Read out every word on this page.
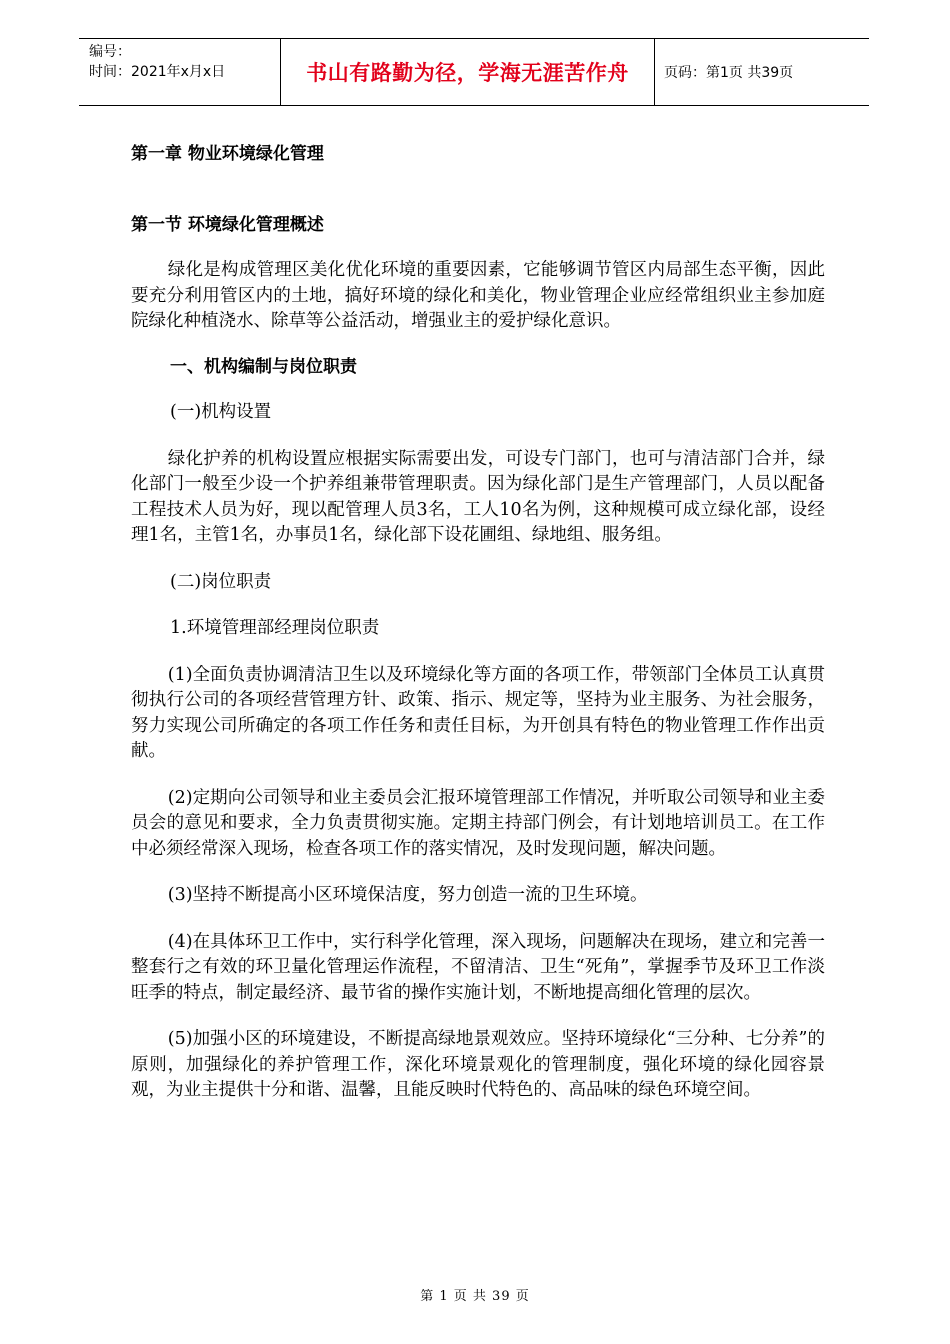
编号：
时间：2021年x月x日	书山有路勤为径，学海无涯苦作舟	页码：第1页 共39页

第一章 物业环境绿化管理

第一节 环境绿化管理概述

绿化是构成管理区美化优化环境的重要因素，它能够调节管区内局部生态平衡，因此要充分利用管区内的土地，搞好环境的绿化和美化，物业管理企业应经常组织业主参加庭院绿化种植浇水、除草等公益活动，增强业主的爱护绿化意识。

一、机构编制与岗位职责

(一)机构设置

绿化护养的机构设置应根据实际需要出发，可设专门部门，也可与清洁部门合并，绿化部门一般至少设一个护养组兼带管理职责。因为绿化部门是生产管理部门，人员以配备工程技术人员为好，现以配管理人员3名，工人10名为例，这种规模可成立绿化部，设经理1名，主管1名，办事员1名，绿化部下设花圃组、绿地组、服务组。

(二)岗位职责

1.环境管理部经理岗位职责

(1)全面负责协调清洁卫生以及环境绿化等方面的各项工作，带领部门全体员工认真贯彻执行公司的各项经营管理方针、政策、指示、规定等，坚持为业主服务、为社会服务，努力实现公司所确定的各项工作任务和责任目标，为开创具有特色的物业管理工作作出贡献。

(2)定期向公司领导和业主委员会汇报环境管理部工作情况，并听取公司领导和业主委员会的意见和要求，全力负责贯彻实施。定期主持部门例会，有计划地培训员工。在工作中必须经常深入现场，检查各项工作的落实情况，及时发现问题，解决问题。

(3)坚持不断提高小区环境保洁度，努力创造一流的卫生环境。

(4)在具体环卫工作中，实行科学化管理，深入现场，问题解决在现场，建立和完善一整套行之有效的环卫量化管理运作流程，不留清洁、卫生“死角”，掌握季节及环卫工作淡旺季的特点，制定最经济、最节省的操作实施计划，不断地提高细化管理的层次。

(5)加强小区的环境建设，不断提高绿地景观效应。坚持环境绿化“三分种、七分养”的原则，加强绿化的养护管理工作，深化环境景观化的管理制度，强化环境的绿化园容景观，为业主提供十分和谐、温馨，且能反映时代特色的、高品味的绿色环境空间。

第 1 页 共 39 页
